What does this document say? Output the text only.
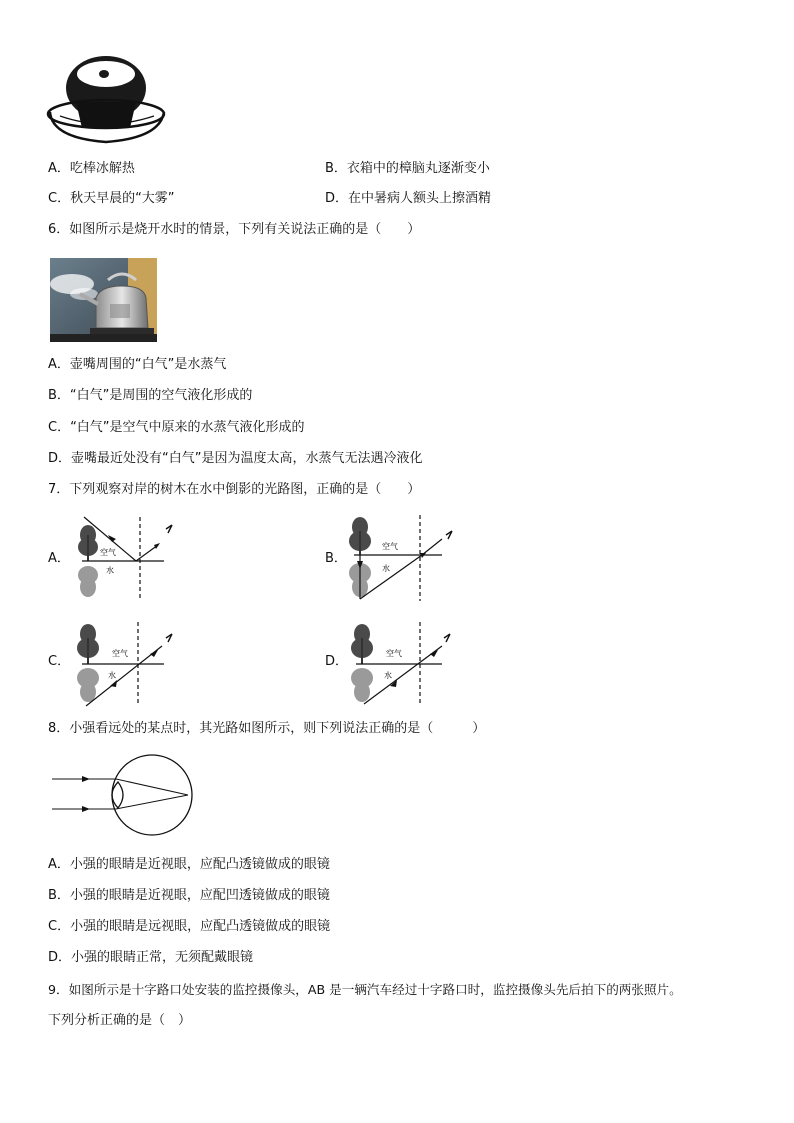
A．吃棒冰解热	B．衣箱中的樟脑丸逐渐变小
C．秋天早晨的“大雾”	D．在中暑病人额头上擦酒精
6．如图所示是烧开水时的情景，下列有关说法正确的是（　　）
A．壶嘴周围的“白气”是水蒸气
B．“白气”是周围的空气液化形成的
C．“白气”是空气中原来的水蒸气液化形成的
D．壶嘴最近处没有“白气”是因为温度太高，水蒸气无法遇冷液化
7．下列观察对岸的树木在水中倒影的光路图，正确的是（　　）
A．	空气
水
B．
空气
水
C．
空气
水
D．
空气
水
8．小强看远处的某点时，其光路如图所示，则下列说法正确的是（　　　）
A．小强的眼睛是近视眼，应配凸透镜做成的眼镜
B．小强的眼睛是近视眼，应配凹透镜做成的眼镜
C．小强的眼睛是远视眼，应配凸透镜做成的眼镜
D．小强的眼睛正常，无须配戴眼镜
9．如图所示是十字路口处安装的监控摄像头，AB 是一辆汽车经过十字路口时，监控摄像头先后拍下的两张照片。
下列分析正确的是（　）
